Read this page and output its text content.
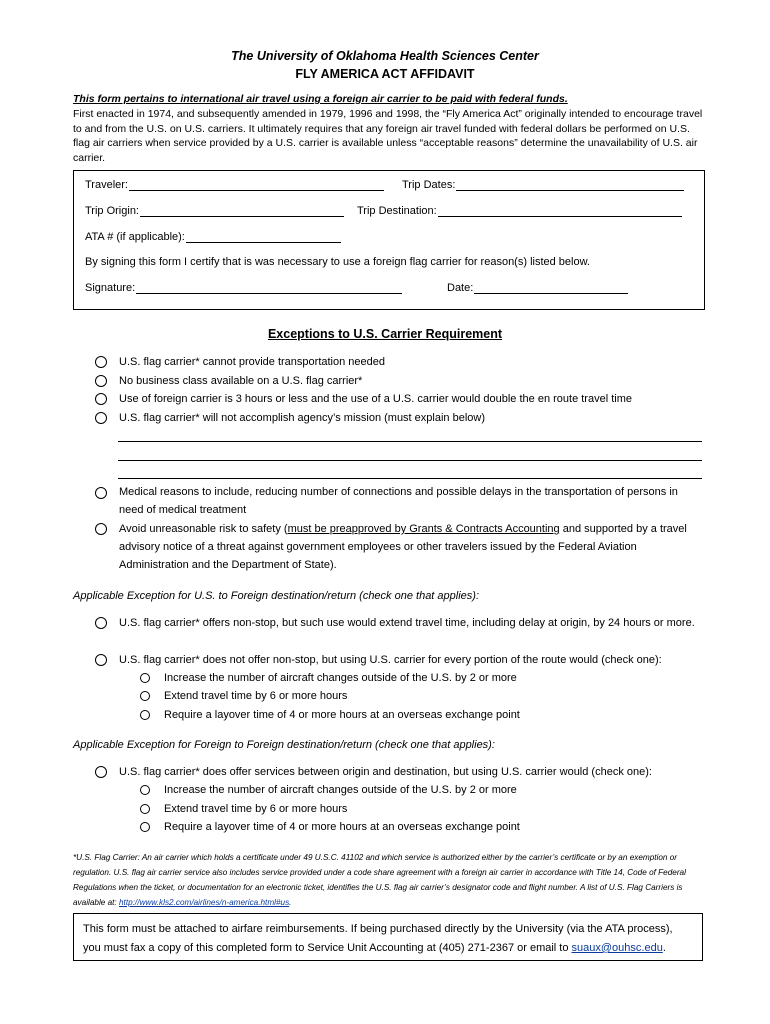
The University of Oklahoma Health Sciences Center
FLY AMERICA ACT AFFIDAVIT
This form pertains to international air travel using a foreign air carrier to be paid with federal funds.
First enacted in 1974, and subsequently amended in 1979, 1996 and 1998, the “Fly America Act” originally intended to encourage travel to and from the U.S. on U.S. carriers. It ultimately requires that any foreign air travel funded with federal dollars be performed on U.S. flag air carriers when service provided by a U.S. carrier is available unless “acceptable reasons” determine the unavailability of U.S. air carrier.
Traveler:	Trip Dates:
Trip Origin:	Trip Destination:
ATA # (if applicable):
By signing this form I certify that is was necessary to use a foreign flag carrier for reason(s) listed below.
Signature:	Date:
Exceptions to U.S. Carrier Requirement
U.S. flag carrier* cannot provide transportation needed
No business class available on a U.S. flag carrier*
Use of foreign carrier is 3 hours or less and the use of a U.S. carrier would double the en route travel time
U.S. flag carrier* will not accomplish agency’s mission (must explain below)
Medical reasons to include, reducing number of connections and possible delays in the transportation of persons in need of medical treatment
Avoid unreasonable risk to safety (must be preapproved by Grants & Contracts Accounting and supported by a travel advisory notice of a threat against government employees or other travelers issued by the Federal Aviation Administration and the Department of State).
Applicable Exception for U.S. to Foreign destination/return (check one that applies):
U.S. flag carrier* offers non-stop, but such use would extend travel time, including delay at origin, by 24 hours or more.
U.S. flag carrier* does not offer non-stop, but using U.S. carrier for every portion of the route would (check one):
Increase the number of aircraft changes outside of the U.S. by 2 or more
Extend travel time by 6 or more hours
Require a layover time of 4 or more hours at an overseas exchange point
Applicable Exception for Foreign to Foreign destination/return (check one that applies):
U.S. flag carrier* does offer services between origin and destination, but using U.S. carrier would (check one):
Increase the number of aircraft changes outside of the U.S. by 2 or more
Extend travel time by 6 or more hours
Require a layover time of 4 or more hours at an overseas exchange point
*U.S. Flag Carrier: An air carrier which holds a certificate under 49 U.S.C. 41102 and which service is authorized either by the carrier’s certificate or by an exemption or regulation. U.S. flag air carrier service also includes service provided under a code share agreement with a foreign air carrier in accordance with Title 14, Code of Federal Regulations when the ticket, or documentation for an electronic ticket, identifies the U.S. flag air carrier’s designator code and flight number. A list of U.S. Flag Carriers is available at: http://www.kls2.com/airlines/n-america.html#us.
This form must be attached to airfare reimbursements. If being purchased directly by the University (via the ATA process), you must fax a copy of this completed form to Service Unit Accounting at (405) 271-2367 or email to suaux@ouhsc.edu.
